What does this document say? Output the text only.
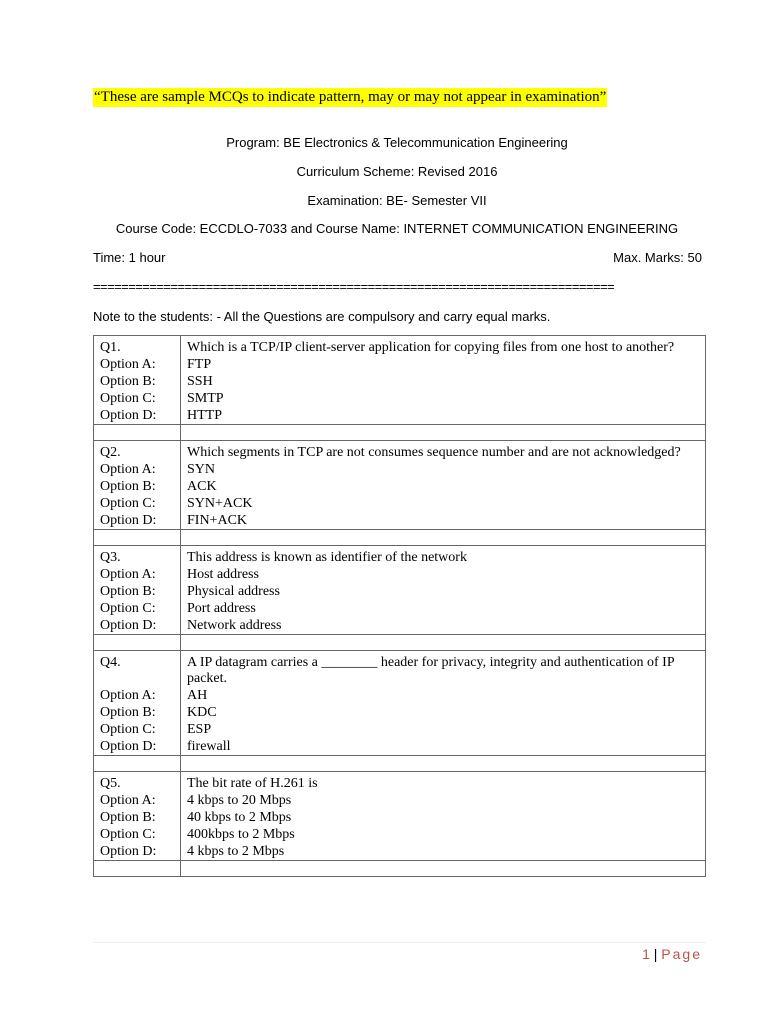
“These are sample MCQs to indicate pattern, may or may not appear in examination”
Program: BE Electronics & Telecommunication Engineering
Curriculum Scheme: Revised 2016
Examination: BE- Semester VII
Course Code: ECCDLO-7033 and Course Name: INTERNET COMMUNICATION ENGINEERING
Time: 1 hour	Max. Marks: 50
==========================================================================
Note to the students: - All the Questions are compulsory and carry equal marks.
Q1.	Which is a TCP/IP client-server application for copying files from one host to another?
Option A:	FTP
Option B:	SSH
Option C:	SMTP
Option D:	HTTP

Q2.	Which segments in TCP are not consumes sequence number and are not acknowledged?
Option A:	SYN
Option B:	ACK
Option C:	SYN+ACK
Option D:	FIN+ACK

Q3.	This address is known as identifier of the network
Option A:	Host address
Option B:	Physical address
Option C:	Port address
Option D:	Network address

Q4.	A IP datagram carries a ________ header for privacy, integrity and authentication of IP packet.
Option A:	AH
Option B:	KDC
Option C:	ESP
Option D:	firewall

Q5.	The bit rate of H.261 is
Option A:	4 kbps to 20 Mbps
Option B:	40 kbps to 2 Mbps
Option C:	400kbps to 2 Mbps
Option D:	4 kbps to 2 Mbps

1 | Page
